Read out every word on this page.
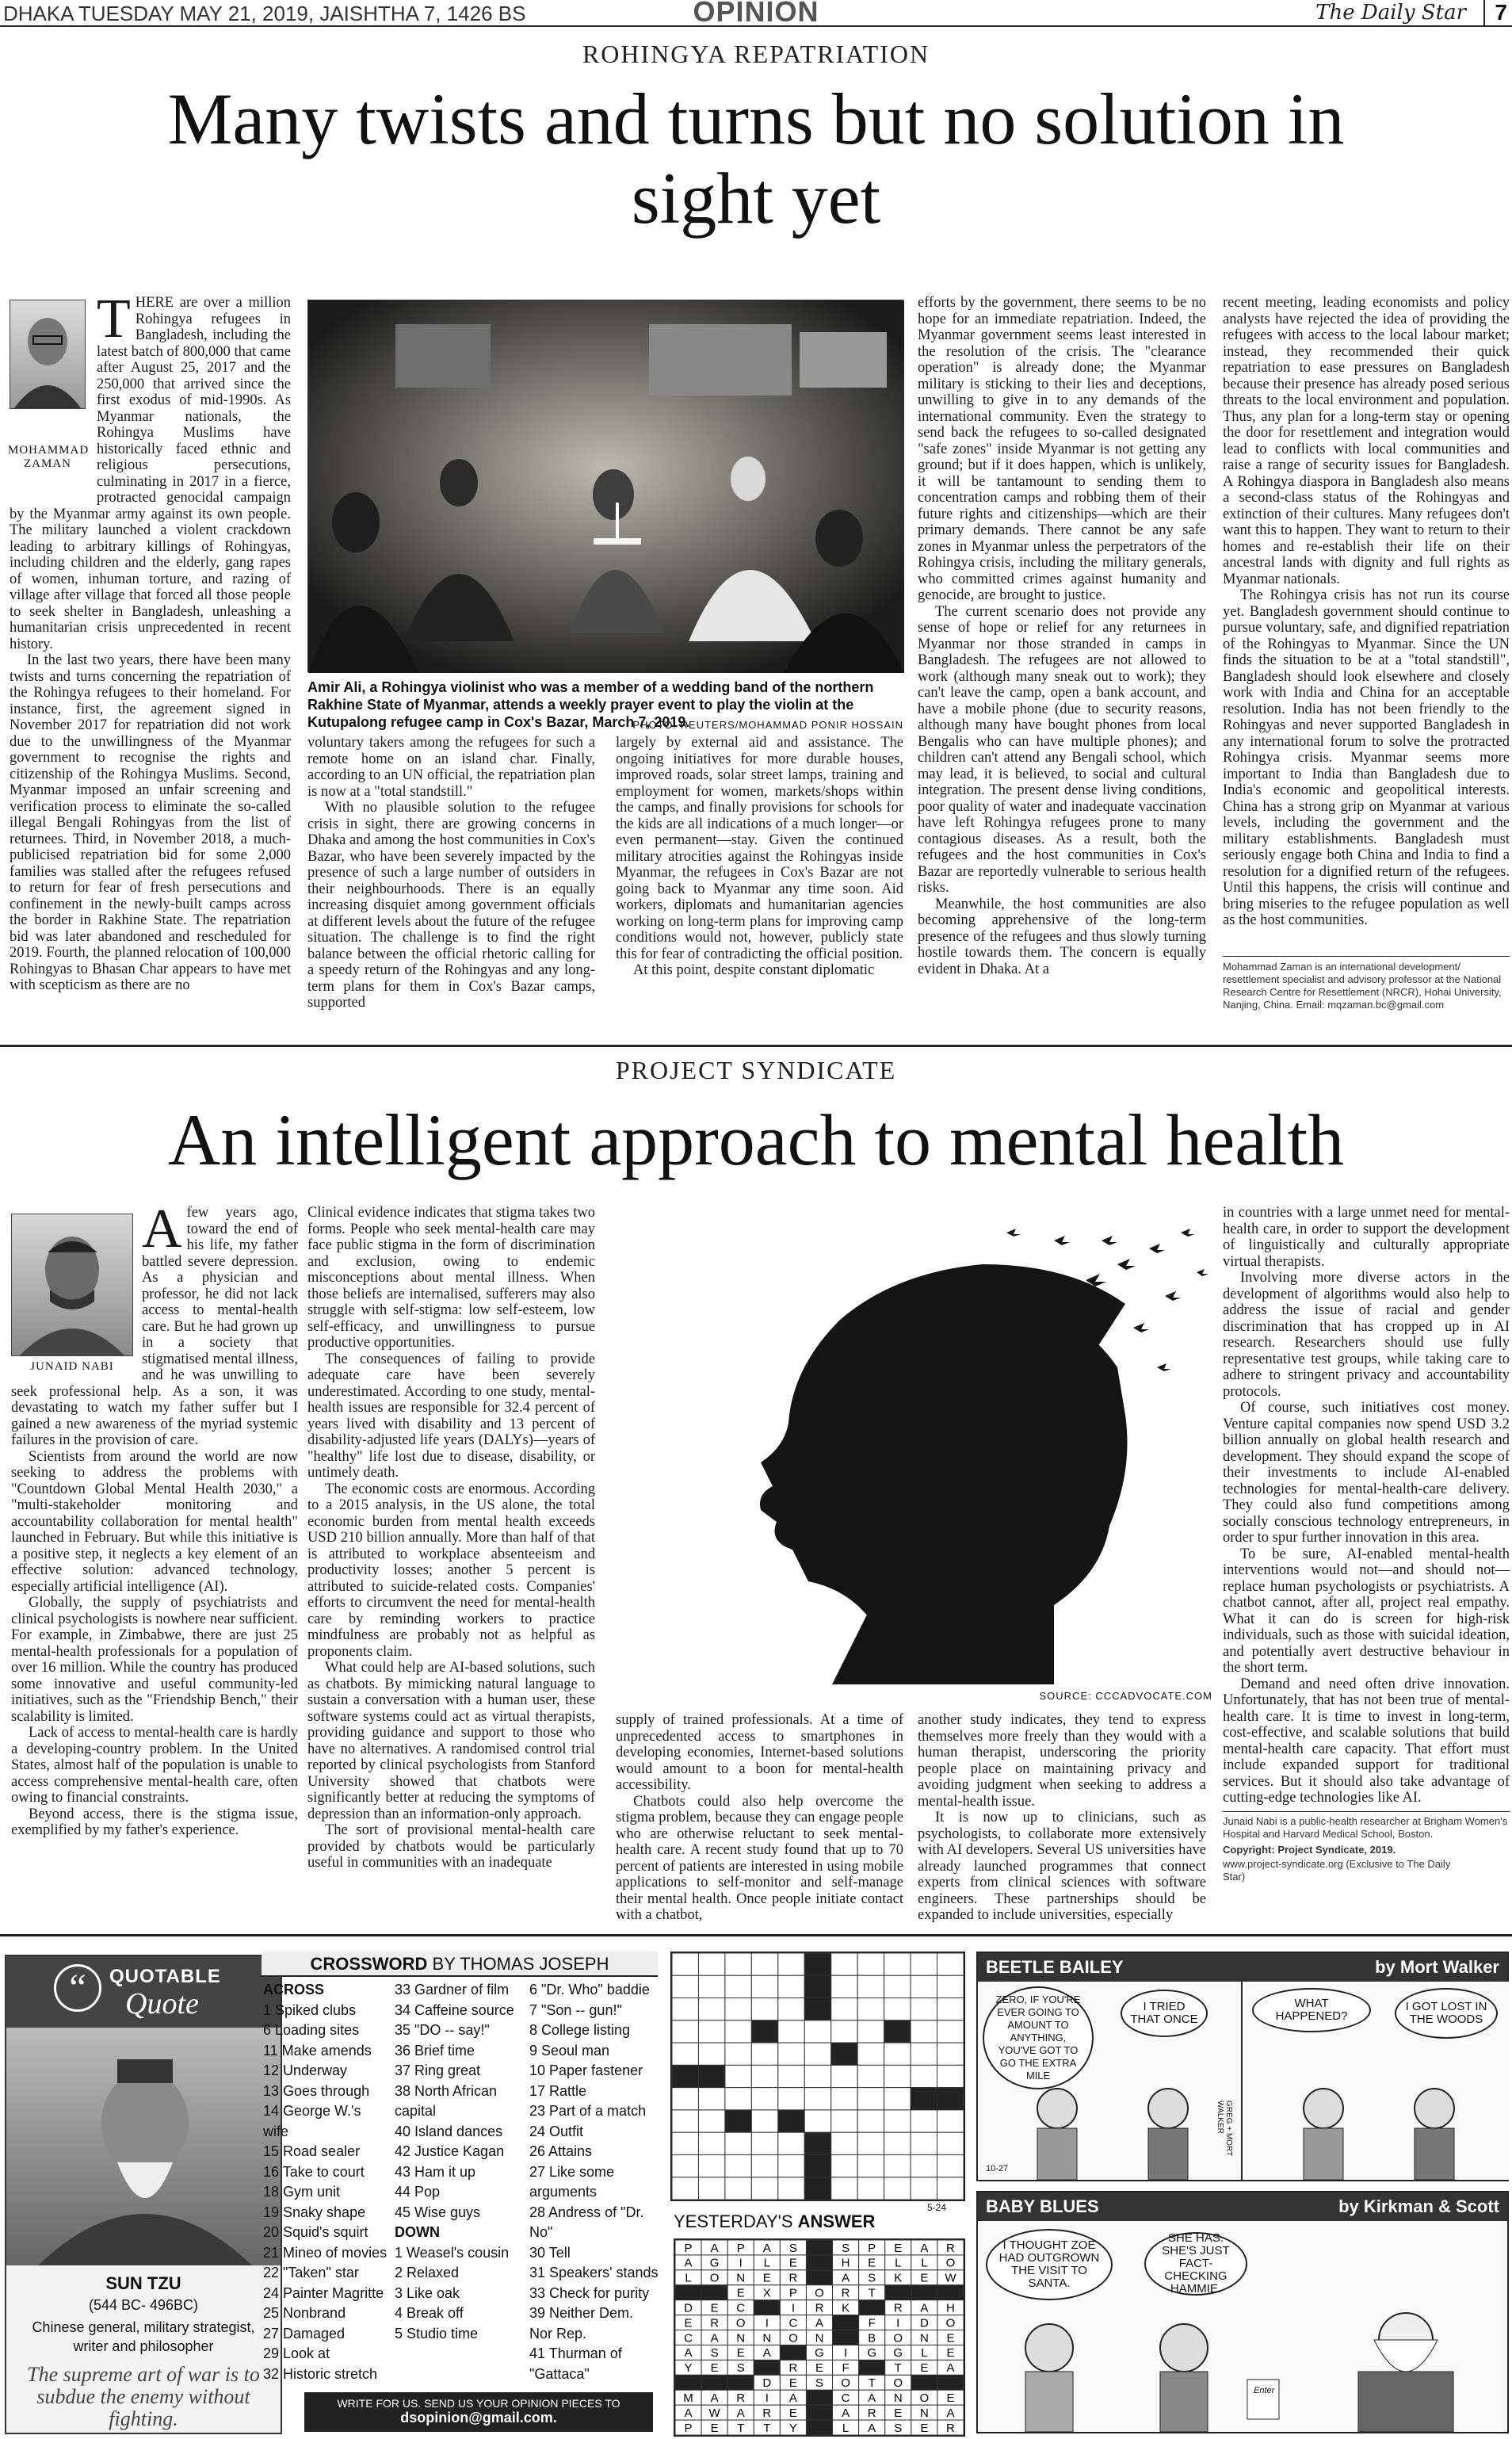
DHAKA TUESDAY MAY 21, 2019, JAISHTHA 7, 1426 BS	OPINION	The Daily Star	7
ROHINGYA REPATRIATION
Many twists and turns but no solution in sight yet
MOHAMMAD ZAMAN

THERE are over a million Rohingya refugees in Bangladesh, including the latest batch of 800,000 that came after August 25, 2017 and the 250,000 that arrived since the first exodus of mid-1990s. As Myanmar nationals, the Rohingya Muslims have historically faced ethnic and religious persecutions, culminating in 2017 in a fierce, protracted genocidal campaign by the Myanmar army against its own people. The military launched a violent crackdown leading to arbitrary killings of Rohingyas, including children and the elderly, gang rapes of women, inhuman torture, and razing of village after village that forced all those people to seek shelter in Bangladesh, unleashing a humanitarian crisis unprecedented in recent history.

In the last two years, there have been many twists and turns concerning the repatriation of the Rohingya refugees to their homeland. For instance, first, the agreement signed in November 2017 for repatriation did not work due to the unwillingness of the Myanmar government to recognise the rights and citizenship of the Rohingya Muslims. Second, Myanmar imposed an unfair screening and verification process to eliminate the so-called illegal Bengali Rohingyas from the list of returnees. Third, in November 2018, a much-publicised repatriation bid for some 2,000 families was stalled after the refugees refused to return for fear of fresh persecutions and confinement in the newly-built camps across the border in Rakhine State. The repatriation bid was later abandoned and rescheduled for 2019. Fourth, the planned relocation of 100,000 Rohingyas to Bhasan Char appears to have met with scepticism as there are no

Amir Ali, a Rohingya violinist who was a member of a wedding band of the northern Rakhine State of Myanmar, attends a weekly prayer event to play the violin at the Kutupalong refugee camp in Cox's Bazar, March 7, 2019.
PHOTO: REUTERS/MOHAMMAD PONIR HOSSAIN

voluntary takers among the refugees for such a remote home on an island char. Finally, according to an UN official, the repatriation plan is now at a "total standstill."

With no plausible solution to the refugee crisis in sight, there are growing concerns in Dhaka and among the host communities in Cox's Bazar, who have been severely impacted by the presence of such a large number of outsiders in their neighbourhoods. There is an equally increasing disquiet among government officials at different levels about the future of the refugee situation. The challenge is to find the right balance between the official rhetoric calling for a speedy return of the Rohingyas and any long-term plans for them in Cox's Bazar camps, supported

largely by external aid and assistance. The ongoing initiatives for more durable houses, improved roads, solar street lamps, training and employment for women, markets/shops within the camps, and finally provisions for schools for the kids are all indications of a much longer—or even permanent—stay. Given the continued military atrocities against the Rohingyas inside Myanmar, the refugees in Cox's Bazar are not going back to Myanmar any time soon. Aid workers, diplomats and humanitarian agencies working on long-term plans for improving camp conditions would not, however, publicly state this for fear of contradicting the official position.

At this point, despite constant diplomatic

efforts by the government, there seems to be no hope for an immediate repatriation. Indeed, the Myanmar government seems least interested in the resolution of the crisis. The "clearance operation" is already done; the Myanmar military is sticking to their lies and deceptions, unwilling to give in to any demands of the international community. Even the strategy to send back the refugees to so-called designated "safe zones" inside Myanmar is not getting any ground; but if it does happen, which is unlikely, it will be tantamount to sending them to concentration camps and robbing them of their future rights and citizenships—which are their primary demands. There cannot be any safe zones in Myanmar unless the perpetrators of the Rohingya crisis, including the military generals, who committed crimes against humanity and genocide, are brought to justice.

The current scenario does not provide any sense of hope or relief for any returnees in Myanmar nor those stranded in camps in Bangladesh. The refugees are not allowed to work (although many sneak out to work); they can't leave the camp, open a bank account, and have a mobile phone (due to security reasons, although many have bought phones from local Bengalis who can have multiple phones); and children can't attend any Bengali school, which may lead, it is believed, to social and cultural integration. The present dense living conditions, poor quality of water and inadequate vaccination have left Rohingya refugees prone to many contagious diseases. As a result, both the refugees and the host communities in Cox's Bazar are reportedly vulnerable to serious health risks.

Meanwhile, the host communities are also becoming apprehensive of the long-term presence of the refugees and thus slowly turning hostile towards them. The concern is equally evident in Dhaka. At a

recent meeting, leading economists and policy analysts have rejected the idea of providing the refugees with access to the local labour market; instead, they recommended their quick repatriation to ease pressures on Bangladesh because their presence has already posed serious threats to the local environment and population. Thus, any plan for a long-term stay or opening the door for resettlement and integration would lead to conflicts with local communities and raise a range of security issues for Bangladesh. A Rohingya diaspora in Bangladesh also means a second-class status of the Rohingyas and extinction of their cultures. Many refugees don't want this to happen. They want to return to their homes and re-establish their life on their ancestral lands with dignity and full rights as Myanmar nationals.

The Rohingya crisis has not run its course yet. Bangladesh government should continue to pursue voluntary, safe, and dignified repatriation of the Rohingyas to Myanmar. Since the UN finds the situation to be at a "total standstill", Bangladesh should look elsewhere and closely work with India and China for an acceptable resolution. India has not been friendly to the Rohingyas and never supported Bangladesh in any international forum to solve the protracted Rohingya crisis. Myanmar seems more important to India than Bangladesh due to India's economic and geopolitical interests. China has a strong grip on Myanmar at various levels, including the government and the military establishments. Bangladesh must seriously engage both China and India to find a resolution for a dignified return of the refugees. Until this happens, the crisis will continue and bring miseries to the refugee population as well as the host communities.

Mohammad Zaman is an international development/ resettlement specialist and advisory professor at the National Research Centre for Resettlement (NRCR), Hohai University, Nanjing, China. Email: mqzaman.bc@gmail.com
PROJECT SYNDICATE
An intelligent approach to mental health
JUNAID NABI

Afew years ago, toward the end of his life, my father battled severe depression. As a physician and professor, he did not lack access to mental-health care. But he had grown up in a society that stigmatised mental illness, and he was unwilling to seek professional help. As a son, it was devastating to watch my father suffer but I gained a new awareness of the myriad systemic failures in the provision of care.

Scientists from around the world are now seeking to address the problems with "Countdown Global Mental Health 2030," a "multi-stakeholder monitoring and accountability collaboration for mental health" launched in February. But while this initiative is a positive step, it neglects a key element of an effective solution: advanced technology, especially artificial intelligence (AI).

Globally, the supply of psychiatrists and clinical psychologists is nowhere near sufficient. For example, in Zimbabwe, there are just 25 mental-health professionals for a population of over 16 million. While the country has produced some innovative and useful community-led initiatives, such as the "Friendship Bench," their scalability is limited.

Lack of access to mental-health care is hardly a developing-country problem. In the United States, almost half of the population is unable to access comprehensive mental-health care, often owing to financial constraints.

Beyond access, there is the stigma issue, exemplified by my father's experience.

Clinical evidence indicates that stigma takes two forms. People who seek mental-health care may face public stigma in the form of discrimination and exclusion, owing to endemic misconceptions about mental illness. When those beliefs are internalised, sufferers may also struggle with self-stigma: low self-esteem, low self-efficacy, and unwillingness to pursue productive opportunities.

The consequences of failing to provide adequate care have been severely underestimated. According to one study, mental-health issues are responsible for 32.4 percent of years lived with disability and 13 percent of disability-adjusted life years (DALYs)—years of "healthy" life lost due to disease, disability, or untimely death.

The economic costs are enormous. According to a 2015 analysis, in the US alone, the total economic burden from mental health exceeds USD 210 billion annually. More than half of that is attributed to workplace absenteeism and productivity losses; another 5 percent is attributed to suicide-related costs. Companies' efforts to circumvent the need for mental-health care by reminding workers to practice mindfulness are probably not as helpful as proponents claim.

What could help are AI-based solutions, such as chatbots. By mimicking natural language to sustain a conversation with a human user, these software systems could act as virtual therapists, providing guidance and support to those who have no alternatives. A randomised control trial reported by clinical psychologists from Stanford University showed that chatbots were significantly better at reducing the symptoms of depression than an information-only approach.

The sort of provisional mental-health care provided by chatbots would be particularly useful in communities with an inadequate

SOURCE: CCCADVOCATE.COM

supply of trained professionals. At a time of unprecedented access to smartphones in developing economies, Internet-based solutions would amount to a boon for mental-health accessibility.

Chatbots could also help overcome the stigma problem, because they can engage people who are otherwise reluctant to seek mental-health care. A recent study found that up to 70 percent of patients are interested in using mobile applications to self-monitor and self-manage their mental health. Once people initiate contact with a chatbot,

another study indicates, they tend to express themselves more freely than they would with a human therapist, underscoring the priority people place on maintaining privacy and avoiding judgment when seeking to address a mental-health issue.

It is now up to clinicians, such as psychologists, to collaborate more extensively with AI developers. Several US universities have already launched programmes that connect experts from clinical sciences with software engineers. These partnerships should be expanded to include universities, especially

in countries with a large unmet need for mental-health care, in order to support the development of linguistically and culturally appropriate virtual therapists.

Involving more diverse actors in the development of algorithms would also help to address the issue of racial and gender discrimination that has cropped up in AI research. Researchers should use fully representative test groups, while taking care to adhere to stringent privacy and accountability protocols.

Of course, such initiatives cost money. Venture capital companies now spend USD 3.2 billion annually on global health research and development. They should expand the scope of their investments to include AI-enabled technologies for mental-health-care delivery. They could also fund competitions among socially conscious technology entrepreneurs, in order to spur further innovation in this area.

To be sure, AI-enabled mental-health interventions would not—and should not—replace human psychologists or psychiatrists. A chatbot cannot, after all, project real empathy. What it can do is screen for high-risk individuals, such as those with suicidal ideation, and potentially avert destructive behaviour in the short term.

Demand and need often drive innovation. Unfortunately, that has not been true of mental-health care. It is time to invest in long-term, cost-effective, and scalable solutions that build mental-health care capacity. That effort must include expanded support for traditional services. But it should also take advantage of cutting-edge technologies like AI.

Junaid Nabi is a public-health researcher at Brigham Women's Hospital and Harvard Medical School, Boston.
Copyright: Project Syndicate, 2019.
www.project-syndicate.org (Exclusive to The Daily Star)
“	QUOTABLE
Quote
SUN TZU
(544 BC- 496BC)
Chinese general, military strategist, writer and philosopher
The supreme art of war is to subdue the enemy without fighting.
CROSSWORD BY THOMAS JOSEPH
ACROSS
1 Spiked clubs
6 Loading sites
11 Make amends
12 Underway
13 Goes through
14 George W.'s wife
15 Road sealer
16 Take to court
18 Gym unit
19 Snaky shape
20 Squid's squirt
21 Mineo of movies
22 "Taken" star
24 Painter Magritte
25 Nonbrand
27 Damaged
29 Look at
32 Historic stretch
33 Gardner of film
34 Caffeine source
35 "DO -- say!"
36 Brief time
37 Ring great
38 North African capital
40 Island dances
42 Justice Kagan
43 Ham it up
44 Pop
45 Wise guys
DOWN
1 Weasel's cousin
2 Relaxed
3 Like oak
4 Break off
5 Studio time
6 "Dr. Who" baddie
7 "Son -- gun!"
8 College listing
9 Seoul man
10 Paper fastener
17 Rattle
23 Part of a match
24 Outfit
26 Attains
27 Like some arguments
28 Andress of "Dr. No"
30 Tell
31 Speakers' stands
33 Check for purity
39 Neither Dem. Nor Rep.
41 Thurman of "Gattaca"
WRITE FOR US. SEND US YOUR OPINION PIECES TO
dsopinion@gmail.com.
5-24
YESTERDAY'S ANSWER
P A P A S	S P E A R
A G I L E	H E L L O
L O N E R	A S K E W
E X P O R T
D E C	I R K	R A H
E R O I C A	F I D O
C A N N O N	B O N E
A S E A	G I G G L E
Y E S	R E F	T E A
D E S O T O
M A R I A	C A N O E
A W A R E	A R E N A
P E T T Y	L A S E R
BEETLE BAILEY	by Mort Walker
ZERO, IF YOU'RE EVER GOING TO AMOUNT TO ANYTHING, YOU'VE GOT TO GO THE EXTRA MILE
I TRIED THAT ONCE
GREG + MORT WALKER
10-27
WHAT HAPPENED?
I GOT LOST IN THE WOODS
BABY BLUES	by Kirkman & Scott
I THOUGHT ZOE HAD OUTGROWN THE VISIT TO SANTA.
SHE HAS. SHE'S JUST FACT-CHECKING HAMMIE.
Enter
